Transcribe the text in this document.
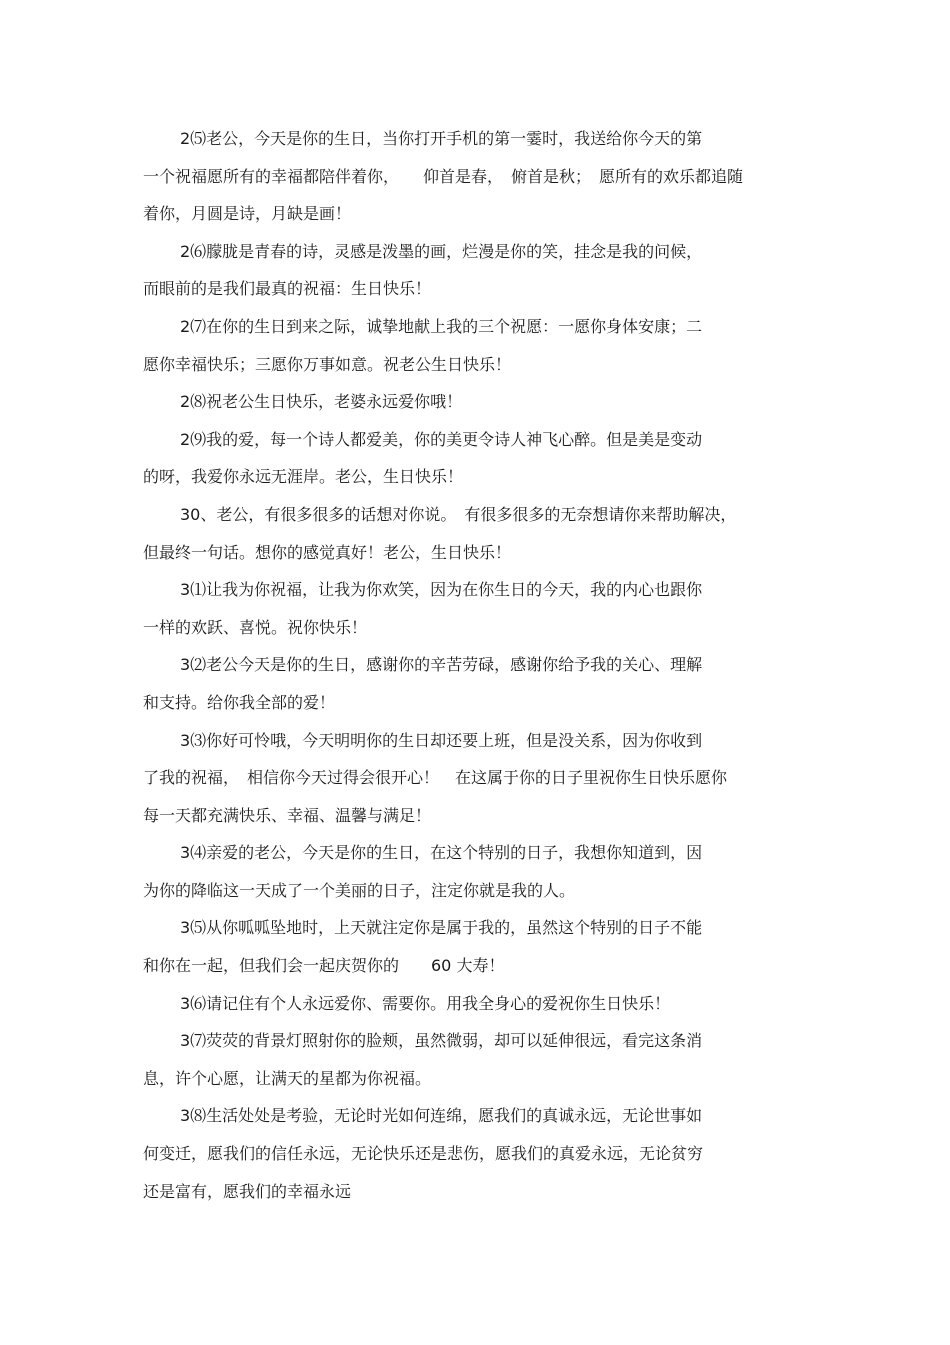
2⑸老公，今天是你的生日，当你打开手机的第一霎时，我送给你今天的第
一个祝福愿所有的幸福都陪伴着你，　　仰首是春，　俯首是秋；　愿所有的欢乐都追随
着你，月圆是诗，月缺是画！

2⑹朦胧是青春的诗，灵感是泼墨的画，烂漫是你的笑，挂念是我的问候，
而眼前的是我们最真的祝福：生日快乐！

2⑺在你的生日到来之际，诚挚地献上我的三个祝愿：一愿你身体安康；二
愿你幸福快乐；三愿你万事如意。祝老公生日快乐！

2⑻祝老公生日快乐，老婆永远爱你哦！

2⑼我的爱，每一个诗人都爱美，你的美更令诗人神飞心醉。但是美是变动
的呀，我爱你永远无涯岸。老公，生日快乐！

30、老公，有很多很多的话想对你说。　有很多很多的无奈想请你来帮助解决，
但最终一句话。想你的感觉真好！老公，生日快乐！

3⑴让我为你祝福，让我为你欢笑，因为在你生日的今天，我的内心也跟你
一样的欢跃、喜悦。祝你快乐！

3⑵老公今天是你的生日，感谢你的辛苦劳碌，感谢你给予我的关心、理解
和支持。给你我全部的爱！

3⑶你好可怜哦，今天明明你的生日却还要上班，但是没关系，因为你收到
了我的祝福，　相信你今天过得会很开心！　在这属于你的日子里祝你生日快乐愿你
每一天都充满快乐、幸福、温馨与满足！

3⑷亲爱的老公，今天是你的生日，在这个特别的日子，我想你知道到，因
为你的降临这一天成了一个美丽的日子，注定你就是我的人。

3⑸从你呱呱坠地时，上天就注定你是属于我的，虽然这个特别的日子不能
和你在一起，但我们会一起庆贺你的　　60 大寿！

3⑹请记住有个人永远爱你、需要你。用我全身心的爱祝你生日快乐！

3⑺荧荧的背景灯照射你的脸颊，虽然微弱，却可以延伸很远，看完这条消
息，许个心愿，让满天的星都为你祝福。

3⑻生活处处是考验，无论时光如何连绵，愿我们的真诚永远，无论世事如
何变迁，愿我们的信任永远，无论快乐还是悲伤，愿我们的真爱永远，无论贫穷
还是富有，愿我们的幸福永远
